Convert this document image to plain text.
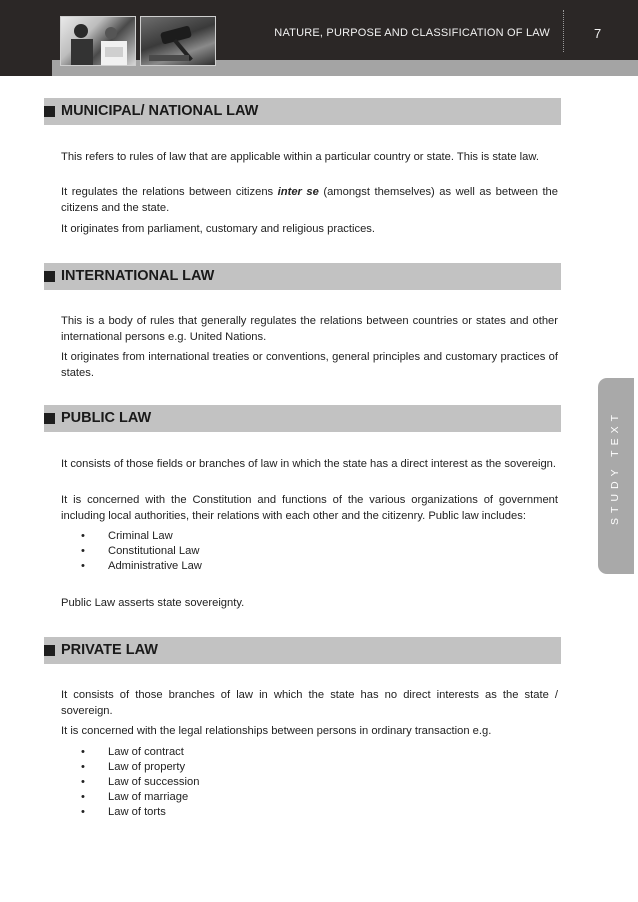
NATURE, PURPOSE AND CLASSIFICATION OF LAW	7
STUDY TEXT
MUNICIPAL/ NATIONAL LAW

This refers to rules of law that are applicable within a particular country or state. This is state law.

It regulates the relations between citizens inter se (amongst themselves) as well as between the citizens and the state.

It originates from parliament, customary and religious practices.

INTERNATIONAL LAW

This is a body of rules that generally regulates the relations between countries or states and other international persons e.g. United Nations.

It originates from international treaties or conventions, general principles and customary practices of states.

PUBLIC LAW

It consists of those fields or branches of law in which the state has a direct interest as the sovereign.

It is concerned with the Constitution and functions of the various organizations of government including local authorities, their relations with each other and the citizenry. Public law includes:

• Criminal Law
• Constitutional Law
• Administrative Law

Public Law asserts state sovereignty.

PRIVATE LAW

It consists of those branches of law in which the state has no direct interests as the state / sovereign.

It is concerned with the legal relationships between persons in ordinary transaction e.g.

• Law of contract
• Law of property
• Law of succession
• Law of marriage
• Law of torts
